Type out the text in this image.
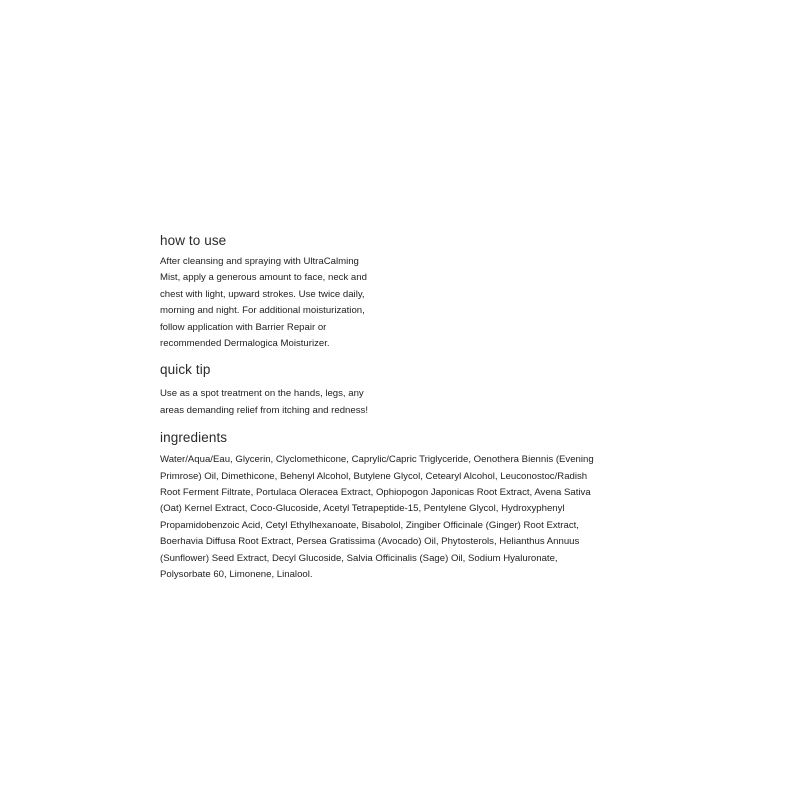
how to use

After cleansing and spraying with UltraCalming
Mist, apply a generous amount to face, neck and
chest with light, upward strokes. Use twice daily,
morning and night. For additional moisturization,
follow application with Barrier Repair or
recommended Dermalogica Moisturizer.

quick tip

Use as a spot treatment on the hands, legs, any
areas demanding relief from itching and redness!

ingredients

Water/Aqua/Eau, Glycerin, Clyclomethicone, Caprylic/Capric Triglyceride, Oenothera Biennis (Evening
Primrose) Oil, Dimethicone, Behenyl Alcohol, Butylene Glycol, Cetearyl Alcohol, Leuconostoc/Radish
Root Ferment Filtrate, Portulaca Oleracea Extract, Ophiopogon Japonicas Root Extract, Avena Sativa
(Oat) Kernel Extract, Coco-Glucoside, Acetyl Tetrapeptide-15, Pentylene Glycol, Hydroxyphenyl
Propamidobenzoic Acid, Cetyl Ethylhexanoate, Bisabolol, Zingiber Officinale (Ginger) Root Extract,
Boerhavia Diffusa Root Extract, Persea Gratissima (Avocado) Oil, Phytosterols, Helianthus Annuus
(Sunflower) Seed Extract, Decyl Glucoside, Salvia Officinalis (Sage) Oil, Sodium Hyaluronate,
Polysorbate 60, Limonene, Linalool.
